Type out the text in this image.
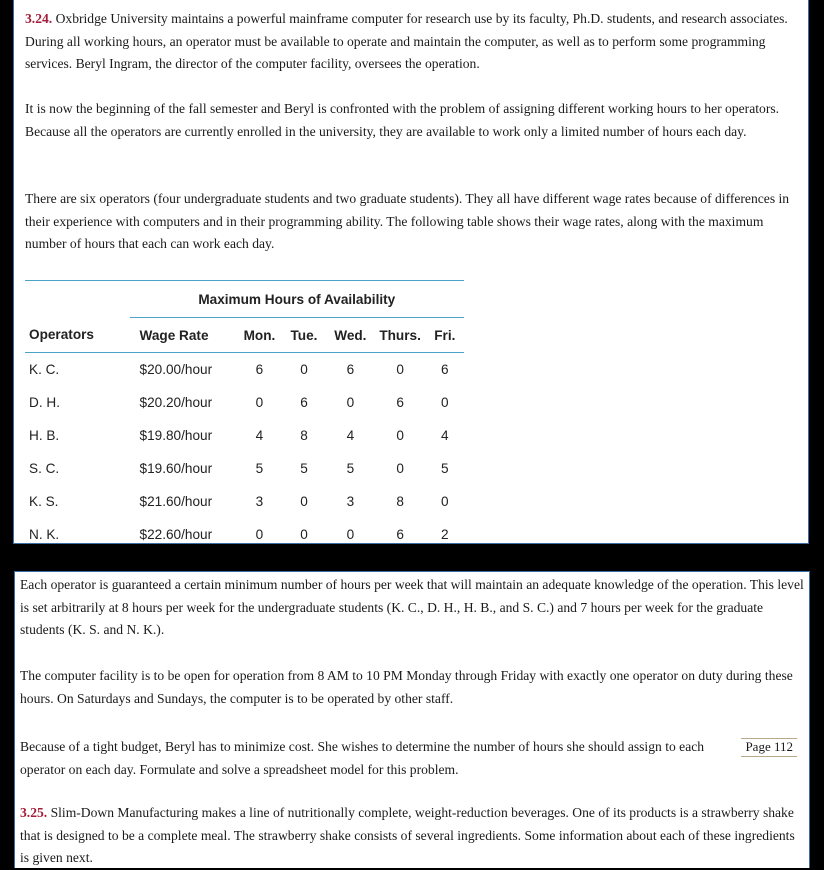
3.24. Oxbridge University maintains a powerful mainframe computer for research use by its faculty, Ph.D. students, and research associates. During all working hours, an operator must be available to operate and maintain the computer, as well as to perform some programming services. Beryl Ingram, the director of the computer facility, oversees the operation.

It is now the beginning of the fall semester and Beryl is confronted with the problem of assigning different working hours to her operators. Because all the operators are currently enrolled in the university, they are available to work only a limited number of hours each day.

There are six operators (four undergraduate students and two graduate students). They all have different wage rates because of differences in their experience with computers and in their programming ability. The following table shows their wage rates, along with the maximum number of hours that each can work each day.

	Maximum Hours of Availability					
Operators	Wage Rate	Mon.	Tue.	Wed.	Thurs.	Fri.
K. C.	$20.00/hour	6	0	6	0	6
D. H.	$20.20/hour	0	6	0	6	0
H. B.	$19.80/hour	4	8	4	0	4
S. C.	$19.60/hour	5	5	5	0	5
K. S.	$21.60/hour	3	0	3	8	0
N. K.	$22.60/hour	0	0	0	6	2

Each operator is guaranteed a certain minimum number of hours per week that will maintain an adequate knowledge of the operation. This level is set arbitrarily at 8 hours per week for the undergraduate students (K. C., D. H., H. B., and S. C.) and 7 hours per week for the graduate students (K. S. and N. K.).

The computer facility is to be open for operation from 8 AM to 10 PM Monday through Friday with exactly one operator on duty during these hours. On Saturdays and Sundays, the computer is to be operated by other staff.

Page 112

Because of a tight budget, Beryl has to minimize cost. She wishes to determine the number of hours she should assign to each operator on each day. Formulate and solve a spreadsheet model for this problem.

3.25. Slim-Down Manufacturing makes a line of nutritionally complete, weight-reduction beverages. One of its products is a strawberry shake that is designed to be a complete meal. The strawberry shake consists of several ingredients. Some information about each of these ingredients is given next.
